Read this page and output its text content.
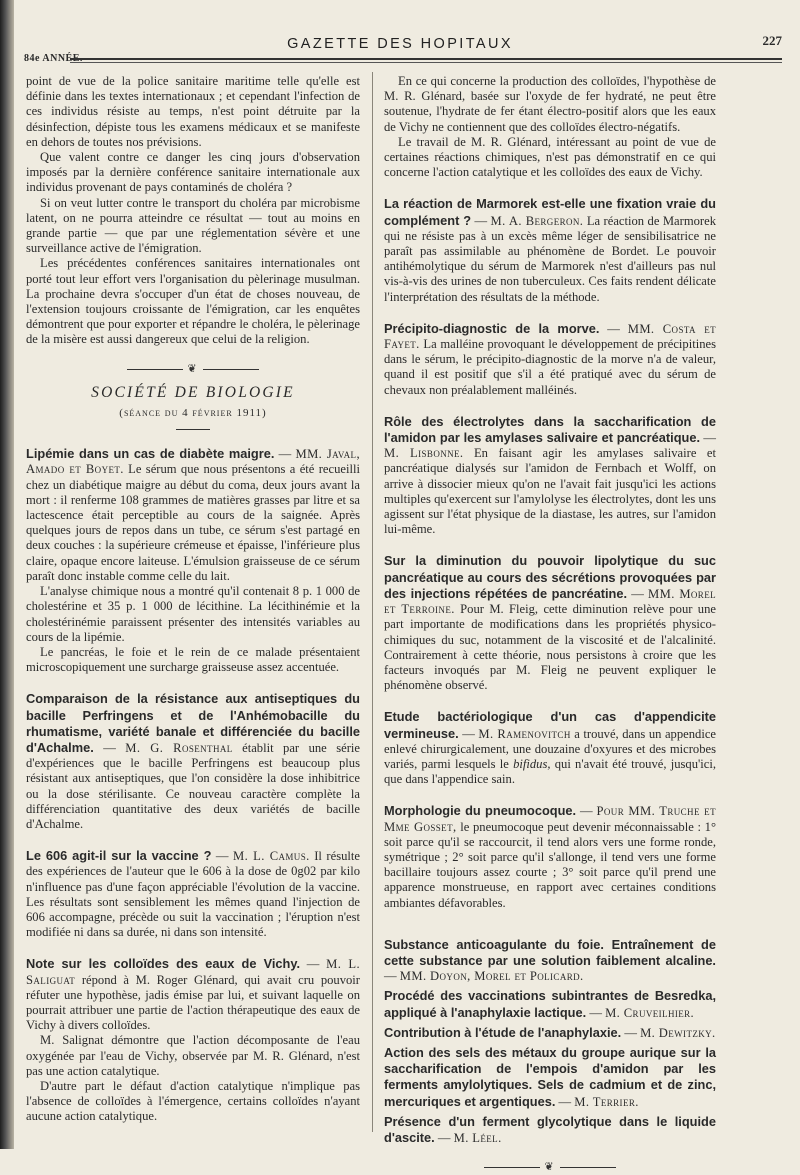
GAZETTE DES HOPITAUX	227
84e ANNÉE.

point de vue de la police sanitaire maritime telle qu'elle est définie dans les textes internationaux ; et cependant l'infection de ces individus résiste au temps, n'est point détruite par la désinfection, dépiste tous les examens médicaux et se manifeste en dehors de toutes nos prévisions.

Que valent contre ce danger les cinq jours d'observation imposés par la dernière conférence sanitaire internationale aux individus provenant de pays contaminés de choléra ?

Si on veut lutter contre le transport du choléra par microbisme latent, on ne pourra atteindre ce résultat — tout au moins en grande partie — que par une réglementation sévère et une surveillance active de l'émigration.

Les précédentes conférences sanitaires internationales ont porté tout leur effort vers l'organisation du pèlerinage musulman. La prochaine devra s'occuper d'un état de choses nouveau, de l'extension toujours croissante de l'émigration, car les enquêtes démontrent que pour exporter et répandre le choléra, le pèlerinage de la misère est aussi dangereux que celui de la religion.

❦
SOCIÉTÉ DE BIOLOGIE
(séance du 4 février 1911)

Lipémie dans un cas de diabète maigre. — MM. Javal, Amado et Boyet. Le sérum que nous présentons a été recueilli chez un diabétique maigre au début du coma, deux jours avant la mort : il renferme 108 grammes de matières grasses par litre et sa lactescence était perceptible au cours de la saignée. Après quelques jours de repos dans un tube, ce sérum s'est partagé en deux couches : la supérieure crémeuse et épaisse, l'inférieure plus claire, opaque encore laiteuse. L'émulsion graisseuse de ce sérum paraît donc instable comme celle du lait.

L'analyse chimique nous a montré qu'il contenait 8 p. 1 000 de cholestérine et 35 p. 1 000 de lécithine. La lécithinémie et la cholestérinémie paraissent présenter des intensités variables au cours de la lipémie.

Le pancréas, le foie et le rein de ce malade présentaient microscopiquement une surcharge graisseuse assez accentuée.

Comparaison de la résistance aux antiseptiques du bacille Perfringens et de l'Anhémobacille du rhumatisme, variété banale et différenciée du bacille d'Achalme. — M. G. Rosenthal établit par une série d'expériences que le bacille Perfringens est beaucoup plus résistant aux antiseptiques, que l'on considère la dose inhibitrice ou la dose stérilisante. Ce nouveau caractère complète la différenciation quantitative des deux variétés de bacille d'Achalme.

Le 606 agit-il sur la vaccine ? — M. L. Camus. Il résulte des expériences de l'auteur que le 606 à la dose de 0g02 par kilo n'influence pas d'une façon appréciable l'évolution de la vaccine. Les résultats sont sensiblement les mêmes quand l'injection de 606 accompagne, précède ou suit la vaccination ; l'éruption n'est modifiée ni dans sa durée, ni dans son intensité.

Note sur les colloïdes des eaux de Vichy. — M. L. Saliguat répond à M. Roger Glénard, qui avait cru pouvoir réfuter une hypothèse, jadis émise par lui, et suivant laquelle on pourrait attribuer une partie de l'action thérapeutique des eaux de Vichy à divers colloïdes.

M. Salignat démontre que l'action décomposante de l'eau oxygénée par l'eau de Vichy, observée par M. R. Glénard, n'est pas une action catalytique.

D'autre part le défaut d'action catalytique n'implique pas l'absence de colloïdes à l'émergence, certains colloïdes n'ayant aucune action catalytique.

En ce qui concerne la production des colloïdes, l'hypothèse de M. R. Glénard, basée sur l'oxyde de fer hydraté, ne peut être soutenue, l'hydrate de fer étant électro-positif alors que les eaux de Vichy ne contiennent que des colloïdes électro-négatifs.

Le travail de M. R. Glénard, intéressant au point de vue de certaines réactions chimiques, n'est pas démonstratif en ce qui concerne l'action catalytique et les colloïdes des eaux de Vichy.

La réaction de Marmorek est-elle une fixation vraie du complément ? — M. A. Bergeron. La réaction de Marmorek qui ne résiste pas à un excès même léger de sensibilisatrice ne paraît pas assimilable au phénomène de Bordet. Le pouvoir antihémolytique du sérum de Marmorek n'est d'ailleurs pas nul vis-à-vis des urines de non tuberculeux. Ces faits rendent délicate l'interprétation des résultats de la méthode.

Précipito-diagnostic de la morve. — MM. Costa et Fayet. La malléine provoquant le développement de précipitines dans le sérum, le précipito-diagnostic de la morve n'a de valeur, quand il est positif que s'il a été pratiqué avec du sérum de chevaux non préalablement malléinés.

Rôle des électrolytes dans la saccharification de l'amidon par les amylases salivaire et pancréatique. — M. Lisbonne. En faisant agir les amylases salivaire et pancréatique dialysés sur l'amidon de Fernbach et Wolff, on arrive à dissocier mieux qu'on ne l'avait fait jusqu'ici les actions multiples qu'exercent sur l'amylolyse les électrolytes, dont les uns agissent sur l'état physique de la diastase, les autres, sur l'amidon lui-même.

Sur la diminution du pouvoir lipolytique du suc pancréatique au cours des sécrétions provoquées par des injections répétées de pancréatine. — MM. Morel et Terroine. Pour M. Fleig, cette diminution relève pour une part importante de modifications dans les propriétés physico-chimiques du suc, notamment de la viscosité et de l'alcalinité. Contrairement à cette théorie, nous persistons à croire que les facteurs invoqués par M. Fleig ne peuvent expliquer le phénomène observé.

Etude bactériologique d'un cas d'appendicite vermineuse. — M. Ramenovitch a trouvé, dans un appendice enlevé chirurgicalement, une douzaine d'oxyures et des microbes variés, parmi lesquels le bifidus, qui n'avait été trouvé, jusqu'ici, que dans l'appendice sain.

Morphologie du pneumocoque. — Pour MM. Truche et Mme Gosset, le pneumocoque peut devenir méconnaissable : 1° soit parce qu'il se raccourcit, il tend alors vers une forme ronde, symétrique ; 2° soit parce qu'il s'allonge, il tend vers une forme bacillaire toujours assez courte ; 3° soit parce qu'il prend une apparence monstrueuse, en rapport avec certaines conditions ambiantes défavorables.

Substance anticoagulante du foie. Entraînement de cette substance par une solution faiblement alcaline. — MM. Doyon, Morel et Policard.

Procédé des vaccinations subintrantes de Besredka, appliqué à l'anaphylaxie lactique. — M. Cruveilhier.

Contribution à l'étude de l'anaphylaxie. — M. Dewitzky.

Action des sels des métaux du groupe aurique sur la saccharification de l'empois d'amidon par les ferments amylolytiques. Sels de cadmium et de zinc, mercuriques et argentiques. — M. Terrier.

Présence d'un ferment glycolytique dans le liquide d'ascite. — M. Léel.

❦
